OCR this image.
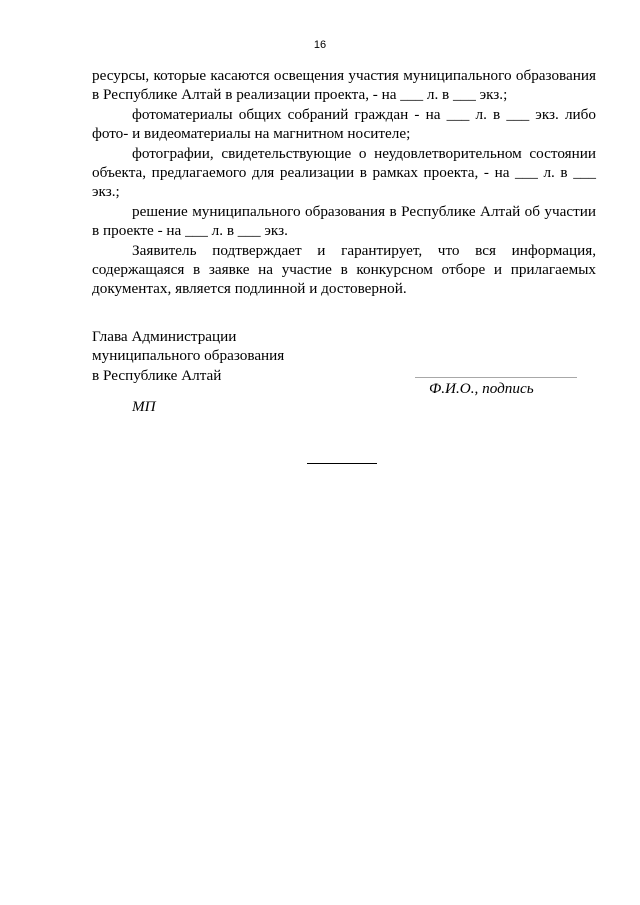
16

ресурсы, которые касаются освещения участия муниципального образования в Республике Алтай в реализации проекта, - на ___ л. в ___ экз.;

фотоматериалы общих собраний граждан - на ___ л. в ___ экз. либо фото- и видеоматериалы на магнитном носителе;

фотографии, свидетельствующие о неудовлетворительном состоянии объекта, предлагаемого для реализации в рамках проекта, - на ___ л. в ___ экз.;

решение муниципального образования в Республике Алтай об участии в проекте - на ___ л. в ___ экз.

Заявитель подтверждает и гарантирует, что вся информация, содержащаяся в заявке на участие в конкурсном отборе и прилагаемых документах, является подлинной и достоверной.

Глава Администрации
муниципального образования
в Республике Алтай
Ф.И.О., подпись
МП
